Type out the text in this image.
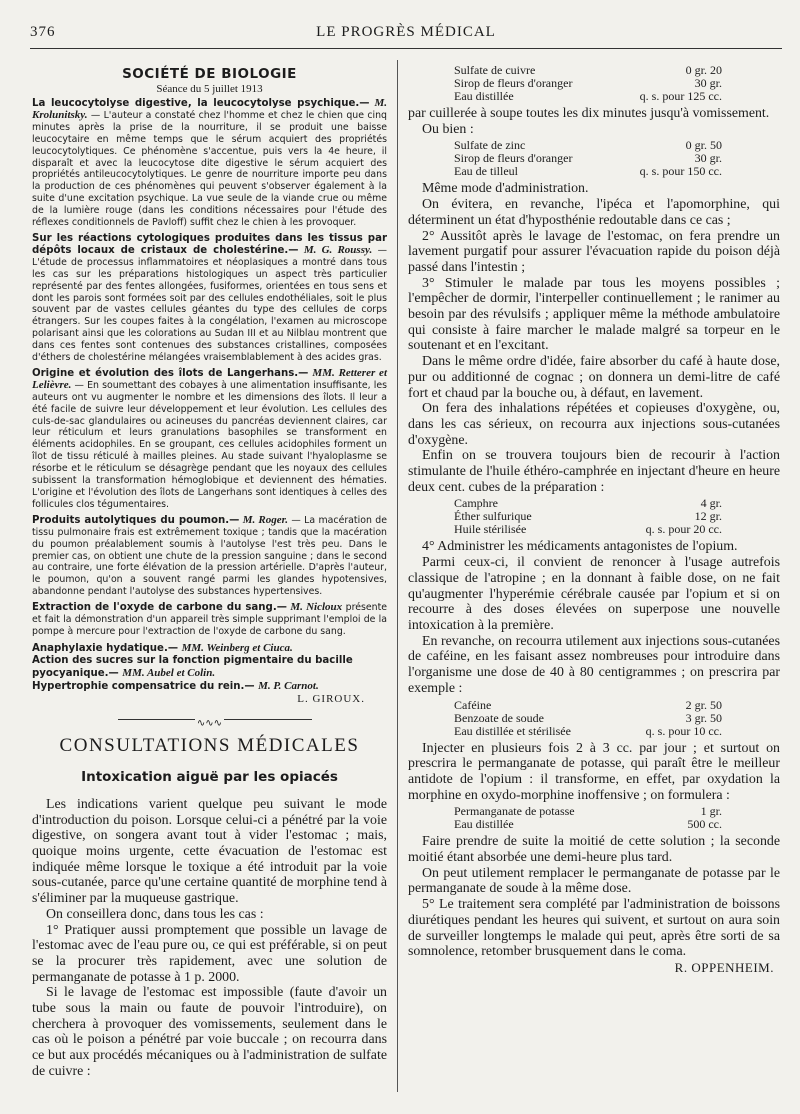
376	LE PROGRÈS MÉDICAL
SOCIÉTÉ DE BIOLOGIE
Séance du 5 juillet 1913

La leucocytolyse digestive, la leucocytolyse psychique.— M. Krolunitsky. — L'auteur a constaté chez l'homme et chez le chien que cinq minutes après la prise de la nourriture, il se produit une baisse leucocytaire en même temps que le sérum acquiert des propriétés leucocytolytiques. Ce phénomène s'accentue, puis vers la 4e heure, il disparaît et avec la leucocytose dite digestive le sérum acquiert des propriétés antileucocytolytiques. Le genre de nourriture importe peu dans la production de ces phénomènes qui peuvent s'observer également à la suite d'une excitation psychique. La vue seule de la viande crue ou même de la lumière rouge (dans les conditions nécessaires pour l'étude des réflexes conditionnels de Pavloff) suffit chez le chien à les provoquer.

Sur les réactions cytologiques produites dans les tissus par dépôts locaux de cristaux de cholestérine.— M. G. Roussy. — L'étude de processus inflammatoires et néoplasiques a montré dans tous les cas sur les préparations histologiques un aspect très particulier représenté par des fentes allongées, fusiformes, orientées en tous sens et dont les parois sont formées soit par des cellules endothéliales, soit le plus souvent par de vastes cellules géantes du type des cellules de corps étrangers. Sur les coupes faites à la congélation, l'examen au microscope polarisant ainsi que les colorations au Sudan III et au Nilblau montrent que dans ces fentes sont contenues des substances cristallines, composées d'éthers de cholestérine mélangées vraisemblablement à des acides gras.

Origine et évolution des îlots de Langerhans.— MM. Retterer et Lelièvre. — En soumettant des cobayes à une alimentation insuffisante, les auteurs ont vu augmenter le nombre et les dimensions des îlots. Il leur a été facile de suivre leur développement et leur évolution. Les cellules des culs-de-sac glandulaires ou acineuses du pancréas deviennent claires, car leur réticulum et leurs granulations basophiles se transforment en éléments acidophiles. En se groupant, ces cellules acidophiles forment un îlot de tissu réticulé à mailles pleines. Au stade suivant l'hyaloplasme se résorbe et le réticulum se désagrège pendant que les noyaux des cellules subissent la transformation hémoglobique et deviennent des hématies. L'origine et l'évolution des îlots de Langerhans sont identiques à celles des follicules clos tégumentaires.

Produits autolytiques du poumon.— M. Roger. — La macération de tissu pulmonaire frais est extrêmement toxique ; tandis que la macération du poumon préalablement soumis à l'autolyse l'est très peu. Dans le premier cas, on obtient une chute de la pression sanguine ; dans le second au contraire, une forte élévation de la pression artérielle. D'après l'auteur, le poumon, qu'on a souvent rangé parmi les glandes hypotensives, abandonne pendant l'autolyse des substances hypertensives.

Extraction de l'oxyde de carbone du sang.— M. Nicloux présente et fait la démonstration d'un appareil très simple supprimant l'emploi de la pompe à mercure pour l'extraction de l'oxyde de carbone du sang.

Anaphylaxie hydatique.— MM. Weinberg et Ciuca.

Action des sucres sur la fonction pigmentaire du bacille pyocyanique.— MM. Aubel et Colin.

Hypertrophie compensatrice du rein.— M. P. Carnot.

L. GIROUX.

∿∿∿
CONSULTATIONS MÉDICALES
Intoxication aiguë par les opiacés

Les indications varient quelque peu suivant le mode d'introduction du poison. Lorsque celui-ci a pénétré par la voie digestive, on songera avant tout à vider l'estomac ; mais, quoique moins urgente, cette évacuation de l'estomac est indiquée même lorsque le toxique a été introduit par la voie sous-cutanée, parce qu'une certaine quantité de morphine tend à s'éliminer par la muqueuse gastrique.

On conseillera donc, dans tous les cas :

1° Pratiquer aussi promptement que possible un lavage de l'estomac avec de l'eau pure ou, ce qui est préférable, si on peut se la procurer très rapidement, avec une solution de permanganate de potasse à 1 p. 2000.

Si le lavage de l'estomac est impossible (faute d'avoir un tube sous la main ou faute de pouvoir l'introduire), on cherchera à provoquer des vomissements, seulement dans le cas où le poison a pénétré par voie buccale ; on recourra dans ce but aux procédés mécaniques ou à l'administration de sulfate de cuivre :

Sulfate de cuivre	0 gr. 20
Sirop de fleurs d'oranger	30 gr.
Eau distillée	q. s. pour 125 cc.

par cuillerée à soupe toutes les dix minutes jusqu'à vomissement.

Ou bien :

Sulfate de zinc	0 gr. 50
Sirop de fleurs d'oranger	30 gr.
Eau de tilleul	q. s. pour 150 cc.

Même mode d'administration.

On évitera, en revanche, l'ipéca et l'apomorphine, qui déterminent un état d'hyposthénie redoutable dans ce cas ;

2° Aussitôt après le lavage de l'estomac, on fera prendre un lavement purgatif pour assurer l'évacuation rapide du poison déjà passé dans l'intestin ;

3° Stimuler le malade par tous les moyens possibles ; l'empêcher de dormir, l'interpeller continuellement ; le ranimer au besoin par des révulsifs ; appliquer même la méthode ambulatoire qui consiste à faire marcher le malade malgré sa torpeur en le soutenant et en l'excitant.

Dans le même ordre d'idée, faire absorber du café à haute dose, pur ou additionné de cognac ; on donnera un demi-litre de café fort et chaud par la bouche ou, à défaut, en lavement.

On fera des inhalations répétées et copieuses d'oxygène, ou, dans les cas sérieux, on recourra aux injections sous-cutanées d'oxygène.

Enfin on se trouvera toujours bien de recourir à l'action stimulante de l'huile éthéro-camphrée en injectant d'heure en heure deux cent. cubes de la préparation :

Camphre	4 gr.
Éther sulfurique	12 gr.
Huile stérilisée	q. s. pour 20 cc.

4° Administrer les médicaments antagonistes de l'opium.

Parmi ceux-ci, il convient de renoncer à l'usage autrefois classique de l'atropine ; en la donnant à faible dose, on ne fait qu'augmenter l'hyperémie cérébrale causée par l'opium et si on recourre à des doses élevées on superpose une nouvelle intoxication à la première.

En revanche, on recourra utilement aux injections sous-cutanées de caféine, en les faisant assez nombreuses pour introduire dans l'organisme une dose de 40 à 80 centigrammes ; on prescrira par exemple :

Caféine	2 gr. 50
Benzoate de soude	3 gr. 50
Eau distillée et stérilisée	q. s. pour 10 cc.

Injecter en plusieurs fois 2 à 3 cc. par jour ; et surtout on prescrira le permanganate de potasse, qui paraît être le meilleur antidote de l'opium : il transforme, en effet, par oxydation la morphine en oxydo-morphine inoffensive ; on formulera :

Permanganate de potasse	1 gr.
Eau distillée	500 cc.

Faire prendre de suite la moitié de cette solution ; la seconde moitié étant absorbée une demi-heure plus tard.

On peut utilement remplacer le permanganate de potasse par le permanganate de soude à la même dose.

5° Le traitement sera complété par l'administration de boissons diurétiques pendant les heures qui suivent, et surtout on aura soin de surveiller longtemps le malade qui peut, après être sorti de sa somnolence, retomber brusquement dans le coma.

R. OPPENHEIM.
